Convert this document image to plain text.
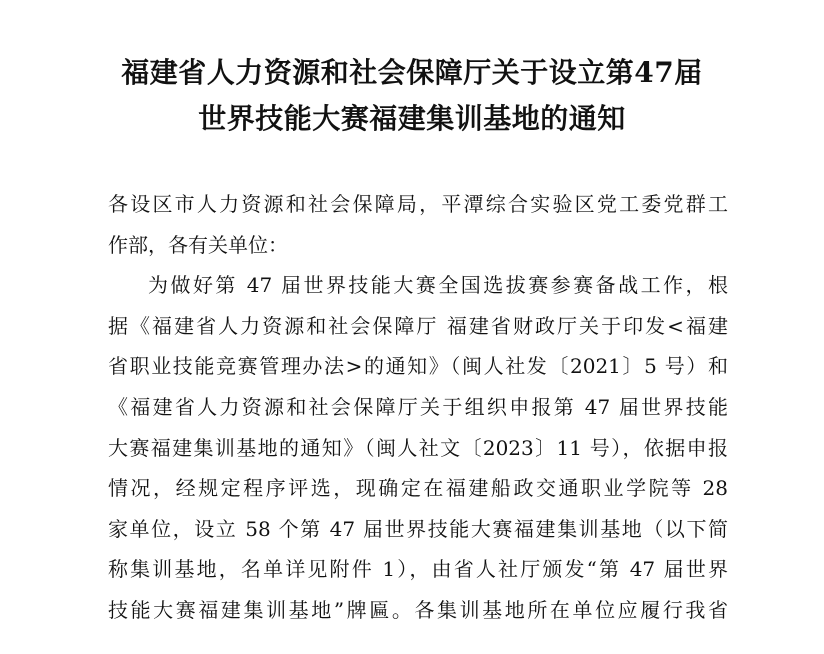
福建省人力资源和社会保障厅关于设立第47届
世界技能大赛福建集训基地的通知
各设区市人力资源和社会保障局，平潭综合实验区党工委党群工
作部，各有关单位：
为做好第 47 届世界技能大赛全国选拔赛参赛备战工作，根
据《福建省人力资源和社会保障厅 福建省财政厅关于印发<福建
省职业技能竞赛管理办法>的通知》（闽人社发〔2021〕5 号）和
《福建省人力资源和社会保障厅关于组织申报第 47 届世界技能
大赛福建集训基地的通知》（闽人社文〔2023〕11 号），依据申报
情况，经规定程序评选，现确定在福建船政交通职业学院等 28
家单位，设立 58 个第 47 届世界技能大赛福建集训基地（以下简
称集训基地，名单详见附件 1），由省人社厅颁发“第 47 届世界
技能大赛福建集训基地”牌匾。各集训基地所在单位应履行我省
